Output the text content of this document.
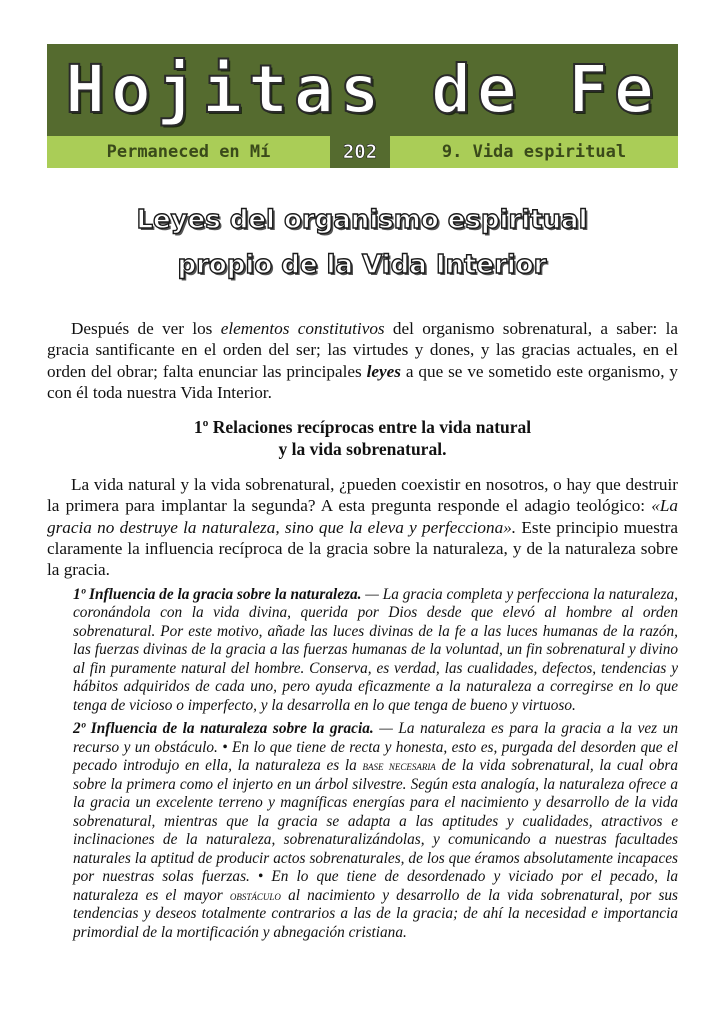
Hojitas de Fe
Permaneced en Mí	202	9. Vida espiritual
Leyes del organismo espiritual
propio de la Vida Interior

Después de ver los elementos constitutivos del organismo sobrenatural, a saber: la gracia santificante en el orden del ser; las virtudes y dones, y las gracias actuales, en el orden del obrar; falta enunciar las principales leyes a que se ve sometido este organismo, y con él toda nuestra Vida Interior.

1º Relaciones recíprocas entre la vida natural
y la vida sobrenatural.

La vida natural y la vida sobrenatural, ¿pueden coexistir en nosotros, o hay que destruir la primera para implantar la segunda? A esta pregunta responde el adagio teológico: «La gracia no destruye la naturaleza, sino que la eleva y perfecciona». Este principio muestra claramente la influencia recíproca de la gracia sobre la naturaleza, y de la naturaleza sobre la gracia.

1º Influencia de la gracia sobre la naturaleza. — La gracia completa y perfecciona la naturaleza, coronándola con la vida divina, querida por Dios desde que elevó al hombre al orden sobrenatural. Por este motivo, añade las luces divinas de la fe a las luces humanas de la razón, las fuerzas divinas de la gracia a las fuerzas humanas de la voluntad, un fin sobrenatural y divino al fin puramente natural del hombre. Conserva, es verdad, las cualidades, defectos, tendencias y hábitos adquiridos de cada uno, pero ayuda eficazmente a la naturaleza a corregirse en lo que tenga de vicioso o imperfecto, y la desarrolla en lo que tenga de bueno y virtuoso.

2º Influencia de la naturaleza sobre la gracia. — La naturaleza es para la gracia a la vez un recurso y un obstáculo. • En lo que tiene de recta y honesta, esto es, purgada del desorden que el pecado introdujo en ella, la naturaleza es la base necesaria de la vida sobrenatural, la cual obra sobre la primera como el injerto en un árbol silvestre. Según esta analogía, la naturaleza ofrece a la gracia un excelente terreno y magníficas energías para el nacimiento y desarrollo de la vida sobrenatural, mientras que la gracia se adapta a las aptitudes y cualidades, atractivos e inclinaciones de la naturaleza, sobrenaturalizándolas, y comunicando a nuestras facultades naturales la aptitud de producir actos sobrenaturales, de los que éramos absolutamente incapaces por nuestras solas fuerzas. • En lo que tiene de desordenado y viciado por el pecado, la naturaleza es el mayor obstáculo al nacimiento y desarrollo de la vida sobrenatural, por sus tendencias y deseos totalmente contrarios a las de la gracia; de ahí la necesidad e importancia primordial de la mortificación y abnegación cristiana.
